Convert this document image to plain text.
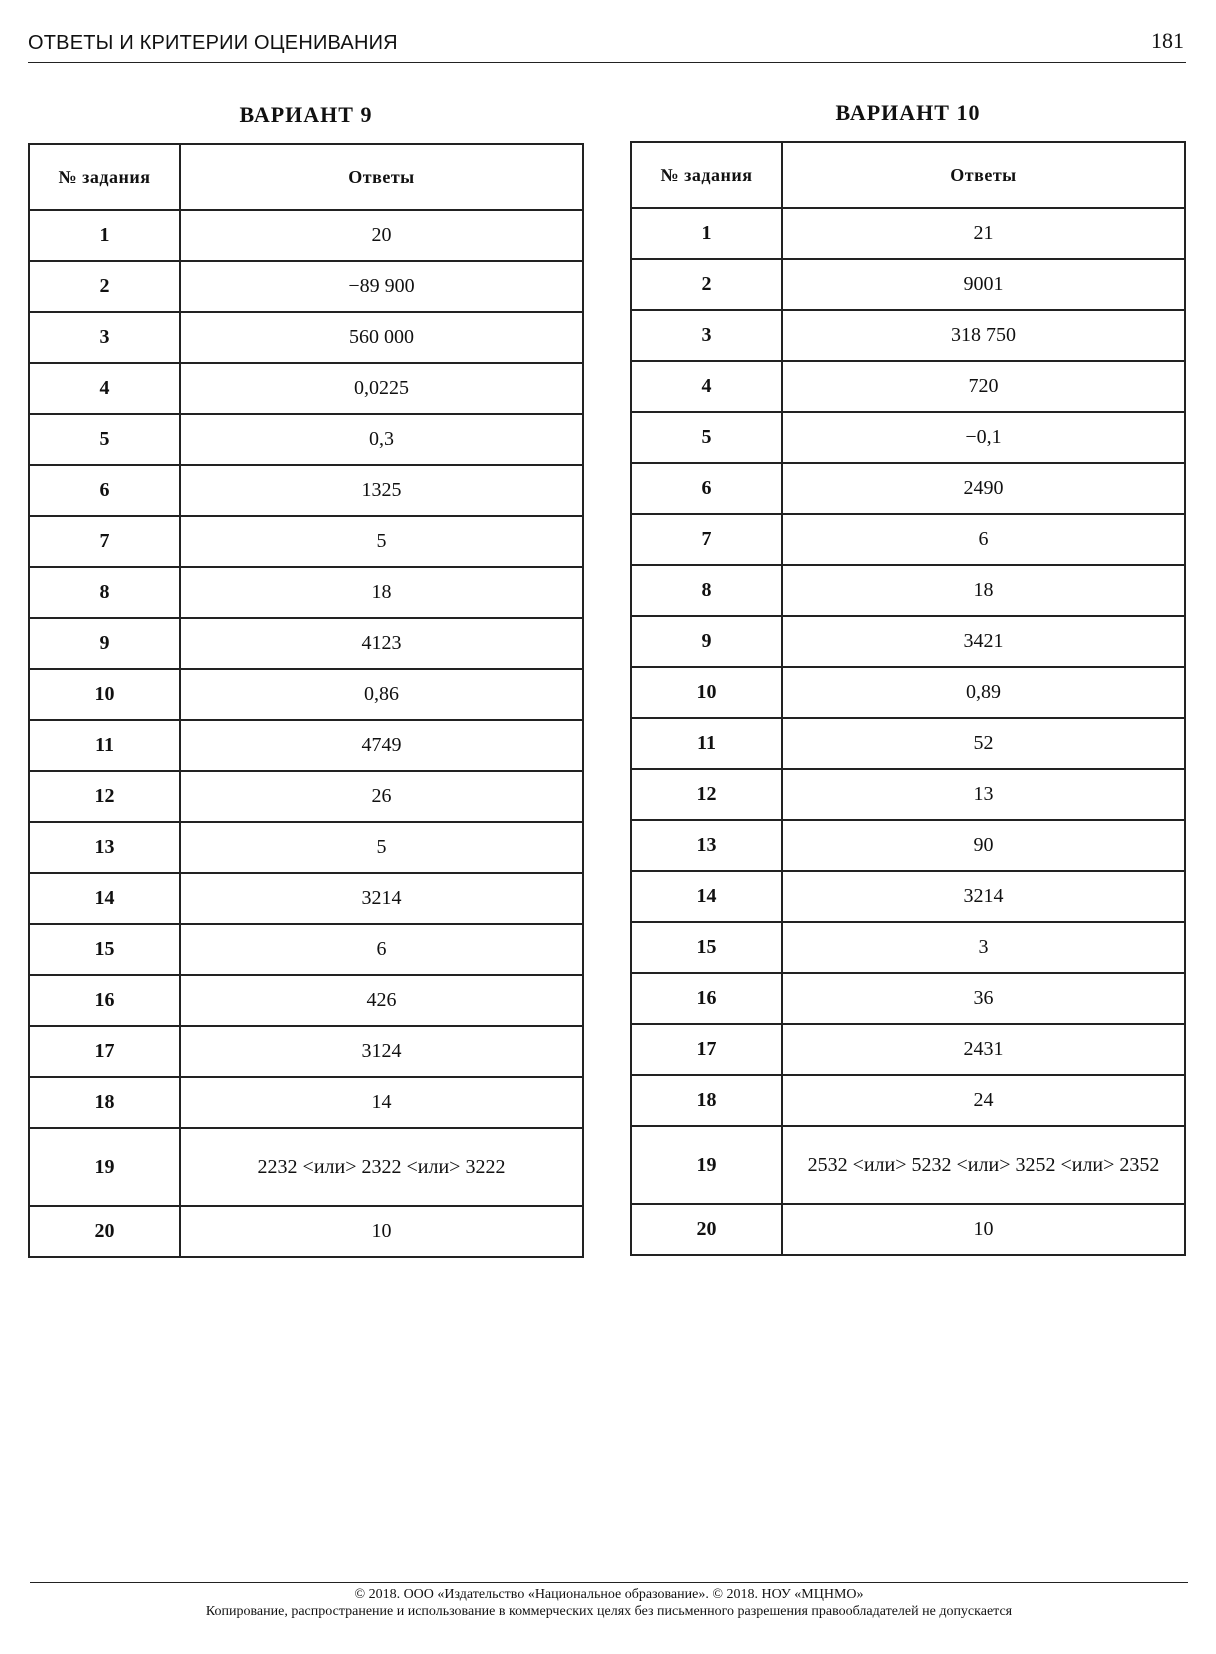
ОТВЕТЫ И КРИТЕРИИ ОЦЕНИВАНИЯ	181
ВАРИАНТ 9	ВАРИАНТ 10
№ задания	Ответы
1	20
2	−89 900
3	560 000
4	0,0225
5	0,3
6	1325
7	5
8	18
9	4123
10	0,86
11	4749
12	26
13	5
14	3214
15	6
16	426
17	3124
18	14
19	2232 <или> 2322 <или> 3222
20	10
№ задания	Ответы
1	21
2	9001
3	318 750
4	720
5	−0,1
6	2490
7	6
8	18
9	3421
10	0,89
11	52
12	13
13	90
14	3214
15	3
16	36
17	2431
18	24
19	2532 <или> 5232 <или> 3252 <или> 2352
20	10
© 2018. ООО «Издательство «Национальное образование». © 2018. НОУ «МЦНМО»
Копирование, распространение и использование в коммерческих целях без письменного разрешения правообладателей не допускается
